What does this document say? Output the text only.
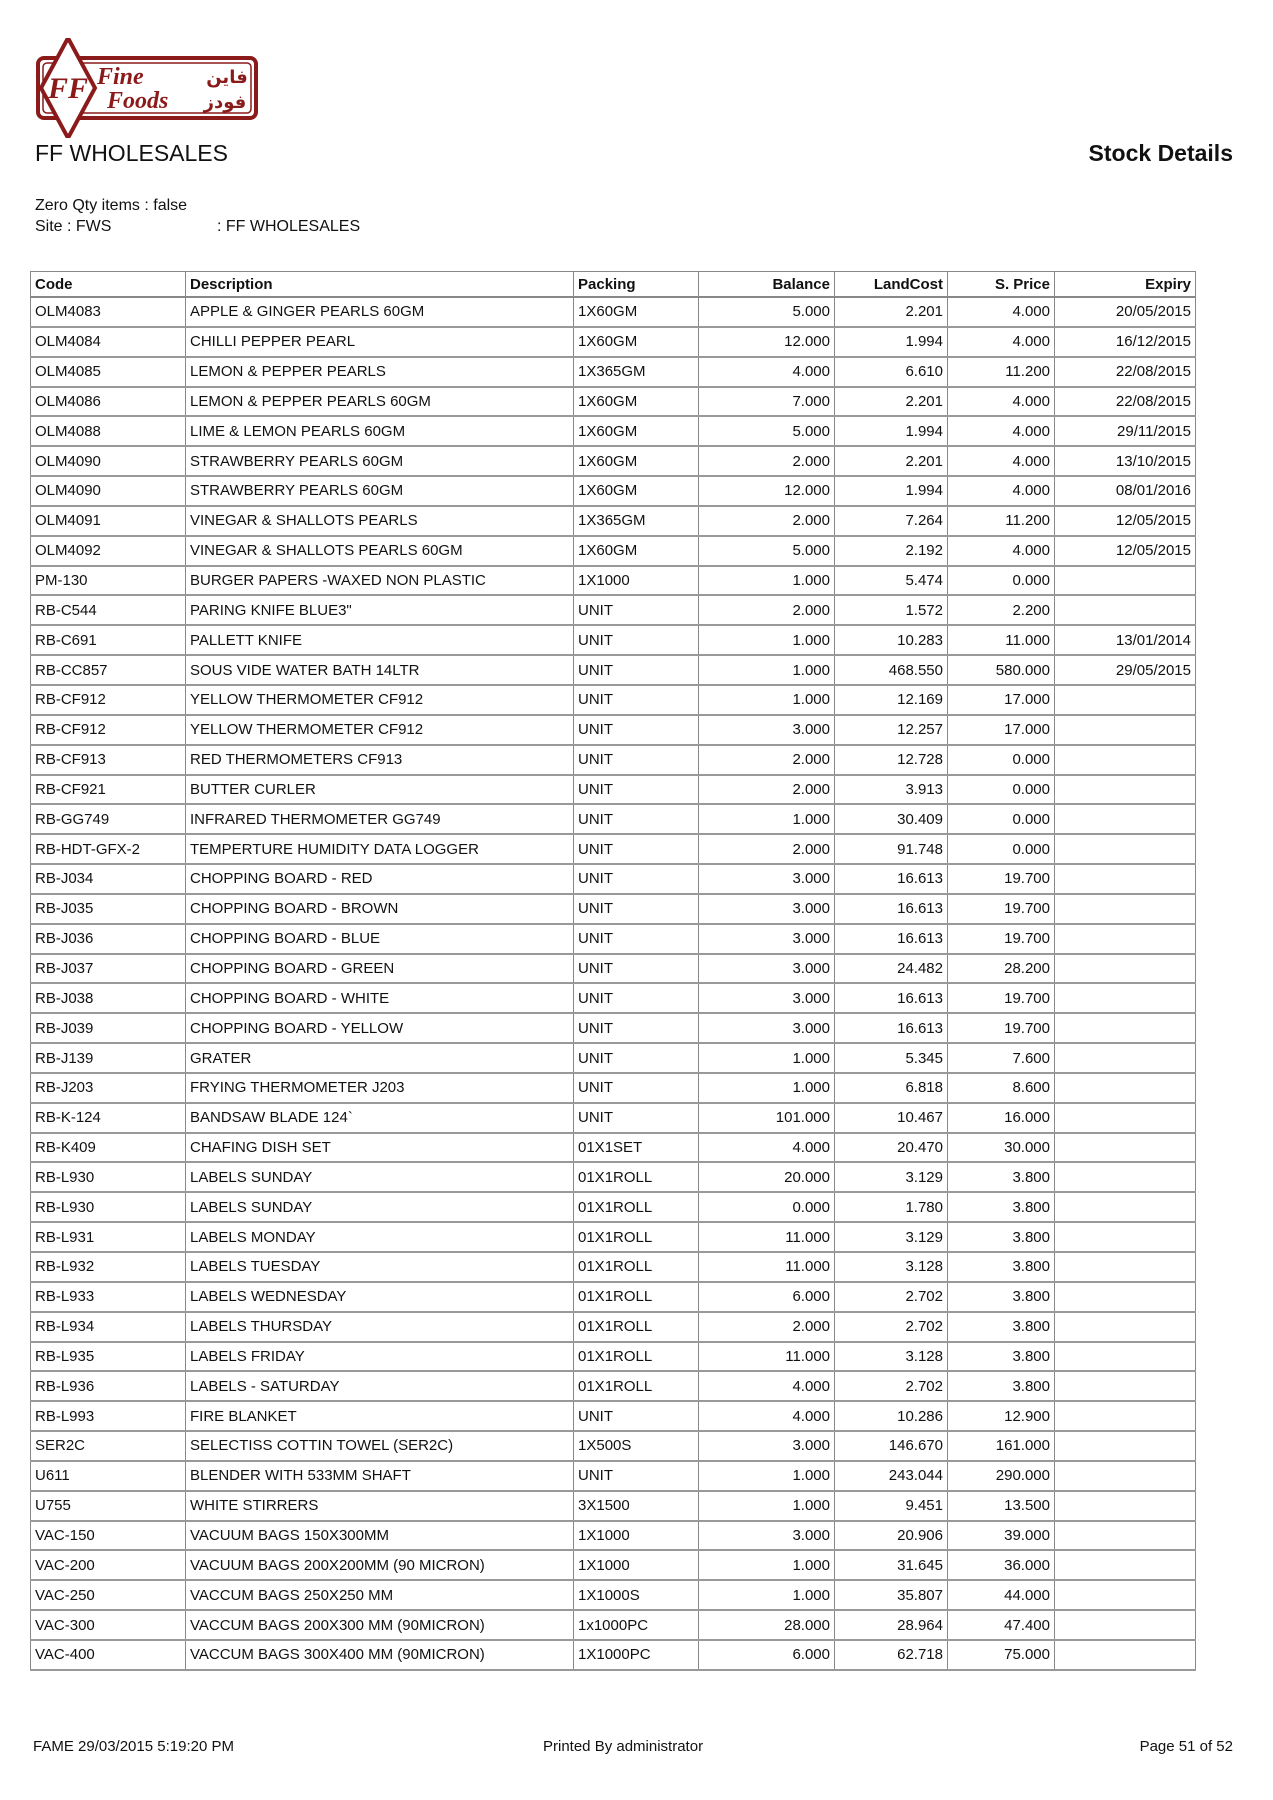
FF Fine
Foods
فاين
فودز
FF WHOLESALES	Stock Details
Zero Qty items : false
Site : FWS	: FF WHOLESALES
Code	Description	Packing	Balance	LandCost	S. Price	Expiry
OLM4083	APPLE & GINGER PEARLS 60GM	1X60GM	5.000	2.201	4.000	20/05/2015
OLM4084	CHILLI PEPPER PEARL	1X60GM	12.000	1.994	4.000	16/12/2015
OLM4085	LEMON & PEPPER PEARLS	1X365GM	4.000	6.610	11.200	22/08/2015
OLM4086	LEMON & PEPPER PEARLS 60GM	1X60GM	7.000	2.201	4.000	22/08/2015
OLM4088	LIME & LEMON PEARLS 60GM	1X60GM	5.000	1.994	4.000	29/11/2015
OLM4090	STRAWBERRY PEARLS 60GM	1X60GM	2.000	2.201	4.000	13/10/2015
OLM4090	STRAWBERRY PEARLS 60GM	1X60GM	12.000	1.994	4.000	08/01/2016
OLM4091	VINEGAR & SHALLOTS PEARLS	1X365GM	2.000	7.264	11.200	12/05/2015
OLM4092	VINEGAR & SHALLOTS PEARLS 60GM	1X60GM	5.000	2.192	4.000	12/05/2015
PM-130	BURGER PAPERS -WAXED NON PLASTIC	1X1000	1.000	5.474	0.000	
RB-C544	PARING KNIFE BLUE3"	UNIT	2.000	1.572	2.200	
RB-C691	PALLETT KNIFE	UNIT	1.000	10.283	11.000	13/01/2014
RB-CC857	SOUS VIDE WATER BATH 14LTR	UNIT	1.000	468.550	580.000	29/05/2015
RB-CF912	YELLOW THERMOMETER CF912	UNIT	1.000	12.169	17.000	
RB-CF912	YELLOW THERMOMETER CF912	UNIT	3.000	12.257	17.000	
RB-CF913	RED THERMOMETERS CF913	UNIT	2.000	12.728	0.000	
RB-CF921	BUTTER CURLER	UNIT	2.000	3.913	0.000	
RB-GG749	INFRARED THERMOMETER GG749	UNIT	1.000	30.409	0.000	
RB-HDT-GFX-2	TEMPERTURE HUMIDITY DATA LOGGER	UNIT	2.000	91.748	0.000	
RB-J034	CHOPPING BOARD - RED	UNIT	3.000	16.613	19.700	
RB-J035	CHOPPING BOARD - BROWN	UNIT	3.000	16.613	19.700	
RB-J036	CHOPPING BOARD - BLUE	UNIT	3.000	16.613	19.700	
RB-J037	CHOPPING BOARD - GREEN	UNIT	3.000	24.482	28.200	
RB-J038	CHOPPING BOARD - WHITE	UNIT	3.000	16.613	19.700	
RB-J039	CHOPPING BOARD - YELLOW	UNIT	3.000	16.613	19.700	
RB-J139	GRATER	UNIT	1.000	5.345	7.600	
RB-J203	FRYING THERMOMETER J203	UNIT	1.000	6.818	8.600	
RB-K-124	BANDSAW BLADE 124`	UNIT	101.000	10.467	16.000	
RB-K409	CHAFING DISH SET	01X1SET	4.000	20.470	30.000	
RB-L930	LABELS SUNDAY	01X1ROLL	20.000	3.129	3.800	
RB-L930	LABELS SUNDAY	01X1ROLL	0.000	1.780	3.800	
RB-L931	LABELS MONDAY	01X1ROLL	11.000	3.129	3.800	
RB-L932	LABELS TUESDAY	01X1ROLL	11.000	3.128	3.800	
RB-L933	LABELS WEDNESDAY	01X1ROLL	6.000	2.702	3.800	
RB-L934	LABELS THURSDAY	01X1ROLL	2.000	2.702	3.800	
RB-L935	LABELS FRIDAY	01X1ROLL	11.000	3.128	3.800	
RB-L936	LABELS - SATURDAY	01X1ROLL	4.000	2.702	3.800	
RB-L993	FIRE BLANKET	UNIT	4.000	10.286	12.900	
SER2C	SELECTISS COTTIN TOWEL (SER2C)	1X500S	3.000	146.670	161.000	
U611	BLENDER WITH 533MM SHAFT	UNIT	1.000	243.044	290.000	
U755	WHITE STIRRERS	3X1500	1.000	9.451	13.500	
VAC-150	VACUUM BAGS 150X300MM	1X1000	3.000	20.906	39.000	
VAC-200	VACUUM BAGS 200X200MM (90 MICRON)	1X1000	1.000	31.645	36.000	
VAC-250	VACCUM BAGS 250X250 MM	1X1000S	1.000	35.807	44.000	
VAC-300	VACCUM BAGS 200X300 MM (90MICRON)	1x1000PC	28.000	28.964	47.400	
VAC-400	VACCUM BAGS 300X400 MM (90MICRON)	1X1000PC	6.000	62.718	75.000	
FAME 29/03/2015 5:19:20 PM	Printed By administrator	Page 51 of 52
